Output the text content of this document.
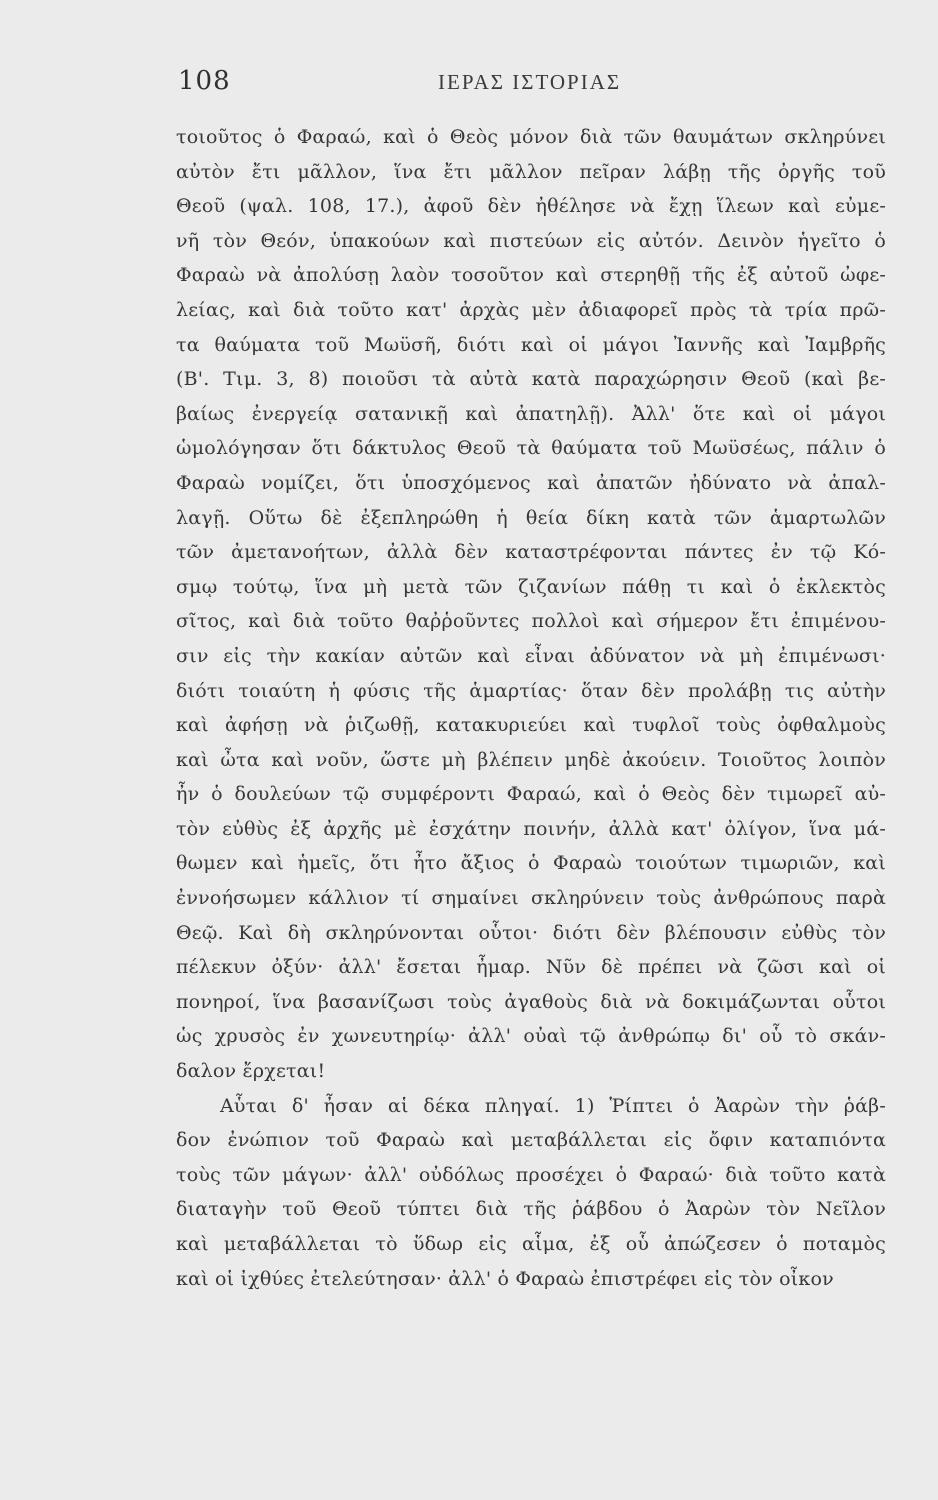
108	ΙΕΡΑΣ ΙΣΤΟΡΙΑΣ
τοιοῦτος ὁ Φαραώ, καὶ ὁ Θεὸς μόνον διὰ τῶν θαυμάτων σκληρύνει
αὐτὸν ἔτι μᾶλλον, ἵνα ἔτι μᾶλλον πεῖραν λάβῃ τῆς ὀργῆς τοῦ
Θεοῦ (ψαλ. 108, 17.), ἀφοῦ δὲν ἠθέλησε νὰ ἔχῃ ἵλεων καὶ εὐμε-
νῆ τὸν Θεόν, ὑπακούων καὶ πιστεύων εἰς αὐτόν. Δεινὸν ἡγεῖτο ὁ
Φαραὼ νὰ ἀπολύσῃ λαὸν τοσοῦτον καὶ στερηθῇ τῆς ἐξ αὐτοῦ ὠφε-
λείας, καὶ διὰ τοῦτο κατ' ἀρχὰς μὲν ἀδιαφορεῖ πρὸς τὰ τρία πρῶ-
τα θαύματα τοῦ Μωϋσῆ, διότι καὶ οἱ μάγοι Ἰαννῆς καὶ Ἰαμβρῆς
(Β'. Τιμ. 3, 8) ποιοῦσι τὰ αὐτὰ κατὰ παραχώρησιν Θεοῦ (καὶ βε-
βαίως ἐνεργείᾳ σατανικῇ καὶ ἀπατηλῇ). Ἀλλ' ὅτε καὶ οἱ μάγοι
ὡμολόγησαν ὅτι δάκτυλος Θεοῦ τὰ θαύματα τοῦ Μωϋσέως, πάλιν ὁ
Φαραὼ νομίζει, ὅτι ὑποσχόμενος καὶ ἀπατῶν ἠδύνατο νὰ ἀπαλ-
λαγῇ. Οὕτω δὲ ἐξεπληρώθη ἡ θεία δίκη κατὰ τῶν ἁμαρτωλῶν
τῶν ἀμετανοήτων, ἀλλὰ δὲν καταστρέφονται πάντες ἐν τῷ Κό-
σμῳ τούτῳ, ἵνα μὴ μετὰ τῶν ζιζανίων πάθῃ τι καὶ ὁ ἐκλεκτὸς
σῖτος, καὶ διὰ τοῦτο θαῤῥοῦντες πολλοὶ καὶ σήμερον ἔτι ἐπιμένου-
σιν εἰς τὴν κακίαν αὐτῶν καὶ εἶναι ἀδύνατον νὰ μὴ ἐπιμένωσι·
διότι τοιαύτη ἡ φύσις τῆς ἁμαρτίας· ὅταν δὲν προλάβῃ τις αὐτὴν
καὶ ἀφήσῃ νὰ ῥιζωθῇ, κατακυριεύει καὶ τυφλοῖ τοὺς ὀφθαλμοὺς
καὶ ὦτα καὶ νοῦν, ὥστε μὴ βλέπειν μηδὲ ἀκούειν. Τοιοῦτος λοιπὸν
ἦν ὁ δουλεύων τῷ συμφέροντι Φαραώ, καὶ ὁ Θεὸς δὲν τιμωρεῖ αὐ-
τὸν εὐθὺς ἐξ ἀρχῆς μὲ ἐσχάτην ποινήν, ἀλλὰ κατ' ὀλίγον, ἵνα μά-
θωμεν καὶ ἡμεῖς, ὅτι ἦτο ἄξιος ὁ Φαραὼ τοιούτων τιμωριῶν, καὶ
ἐννοήσωμεν κάλλιον τί σημαίνει σκληρύνειν τοὺς ἀνθρώπους παρὰ
Θεῷ. Καὶ δὴ σκληρύνονται οὗτοι· διότι δὲν βλέπουσιν εὐθὺς τὸν
πέλεκυν ὀξύν· ἀλλ' ἔσεται ἦμαρ. Νῦν δὲ πρέπει νὰ ζῶσι καὶ οἱ
πονηροί, ἵνα βασανίζωσι τοὺς ἀγαθοὺς διὰ νὰ δοκιμάζωνται οὗτοι
ὡς χρυσὸς ἐν χωνευτηρίῳ· ἀλλ' οὐαὶ τῷ ἀνθρώπῳ δι' οὗ τὸ σκάν-
δαλον ἔρχεται!
Αὗται δ' ἦσαν αἱ δέκα πληγαί. 1) Ῥίπτει ὁ Ἀαρὼν τὴν ῥάβ-
δον ἐνώπιον τοῦ Φαραὼ καὶ μεταβάλλεται εἰς ὄφιν καταπιόντα
τοὺς τῶν μάγων· ἀλλ' οὐδόλως προσέχει ὁ Φαραώ· διὰ τοῦτο κατὰ
διαταγὴν τοῦ Θεοῦ τύπτει διὰ τῆς ῥάβδου ὁ Ἀαρὼν τὸν Νεῖλον
καὶ μεταβάλλεται τὸ ὕδωρ εἰς αἷμα, ἐξ οὗ ἀπώζεσεν ὁ ποταμὸς
καὶ οἱ ἰχθύες ἐτελεύτησαν· ἀλλ' ὁ Φαραὼ ἐπιστρέφει εἰς τὸν οἶκον
